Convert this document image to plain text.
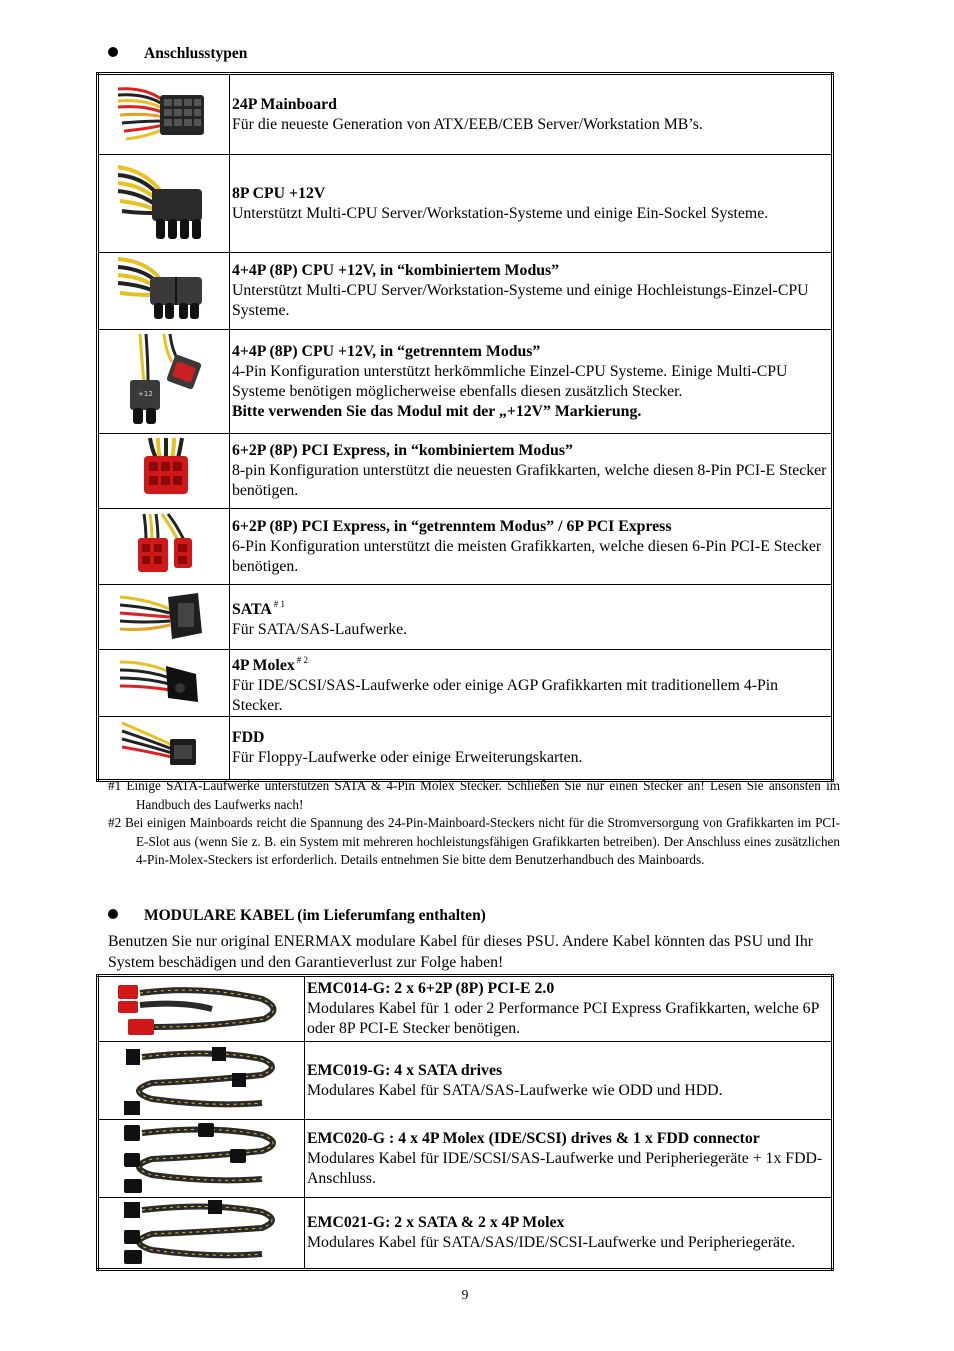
Anschlusstypen
	24P Mainboard
Für die neueste Generation von ATX/EEB/CEB Server/Workstation MB’s.

	8P CPU +12V
Unterstützt Multi-CPU Server/Workstation-Systeme und einige Ein-Sockel Systeme.

	4+4P (8P) CPU +12V, in “kombiniertem Modus”
Unterstützt Multi-CPU Server/Workstation-Systeme und einige Hochleistungs-Einzel-CPU Systeme.

+12	4+4P (8P) CPU +12V, in “getrenntem Modus”
4-Pin Konfiguration unterstützt herkömmliche Einzel-CPU Systeme. Einige Multi-CPU Systeme benötigen möglicherweise ebenfalls diesen zusätzlich Stecker.
Bitte verwenden Sie das Modul mit der „+12V” Markierung.

	6+2P (8P) PCI Express, in “kombiniertem Modus”
8-pin Konfiguration unterstützt die neuesten Grafikkarten, welche diesen 8-Pin PCI-E Stecker benötigen.

	6+2P (8P) PCI Express, in “getrenntem Modus” / 6P PCI Express
6-Pin Konfiguration unterstützt die meisten Grafikkarten, welche diesen 6-Pin PCI-E Stecker benötigen.

	SATA $^{\# 1}$
Für SATA/SAS-Laufwerke.

	4P Molex $^{\# 2}$
Für IDE/SCSI/SAS-Laufwerke oder einige AGP Grafikkarten mit traditionellem 4-Pin Stecker.

	FDD
Für Floppy-Laufwerke oder einige Erweiterungskarten.
#1 Einige SATA-Laufwerke unterstützen SATA & 4-Pin Molex Stecker. Schließen Sie nur einen Stecker an! Lesen Sie ansonsten im Handbuch des Laufwerks nach!
#2 Bei einigen Mainboards reicht die Spannung des 24-Pin-Mainboard-Steckers nicht für die Stromversorgung von Grafikkarten im PCI-E-Slot aus (wenn Sie z. B. ein System mit mehreren hochleistungsfähigen Grafikkarten betreiben). Der Anschluss eines zusätzlichen 4-Pin-Molex-Steckers ist erforderlich. Details entnehmen Sie bitte dem Benutzerhandbuch des Mainboards.
MODULARE KABEL (im Lieferumfang enthalten)
Benutzen Sie nur original ENERMAX modulare Kabel für dieses PSU. Andere Kabel könnten das PSU und Ihr System beschädigen und den Garantieverlust zur Folge haben!
	EMC014-G: 2 x 6+2P (8P) PCI-E 2.0
Modulares Kabel für 1 oder 2 Performance PCI Express Grafikkarten, welche 6P oder 8P PCI-E Stecker benötigen.

	EMC019-G: 4 x SATA drives
Modulares Kabel für SATA/SAS-Laufwerke wie ODD und HDD.

	EMC020-G : 4 x 4P Molex (IDE/SCSI) drives & 1 x FDD connector
Modulares Kabel für IDE/SCSI/SAS-Laufwerke und Peripheriegeräte + 1x FDD-Anschluss.

	EMC021-G: 2 x SATA & 2 x 4P Molex
Modulares Kabel für SATA/SAS/IDE/SCSI-Laufwerke und Peripheriegeräte.
9
